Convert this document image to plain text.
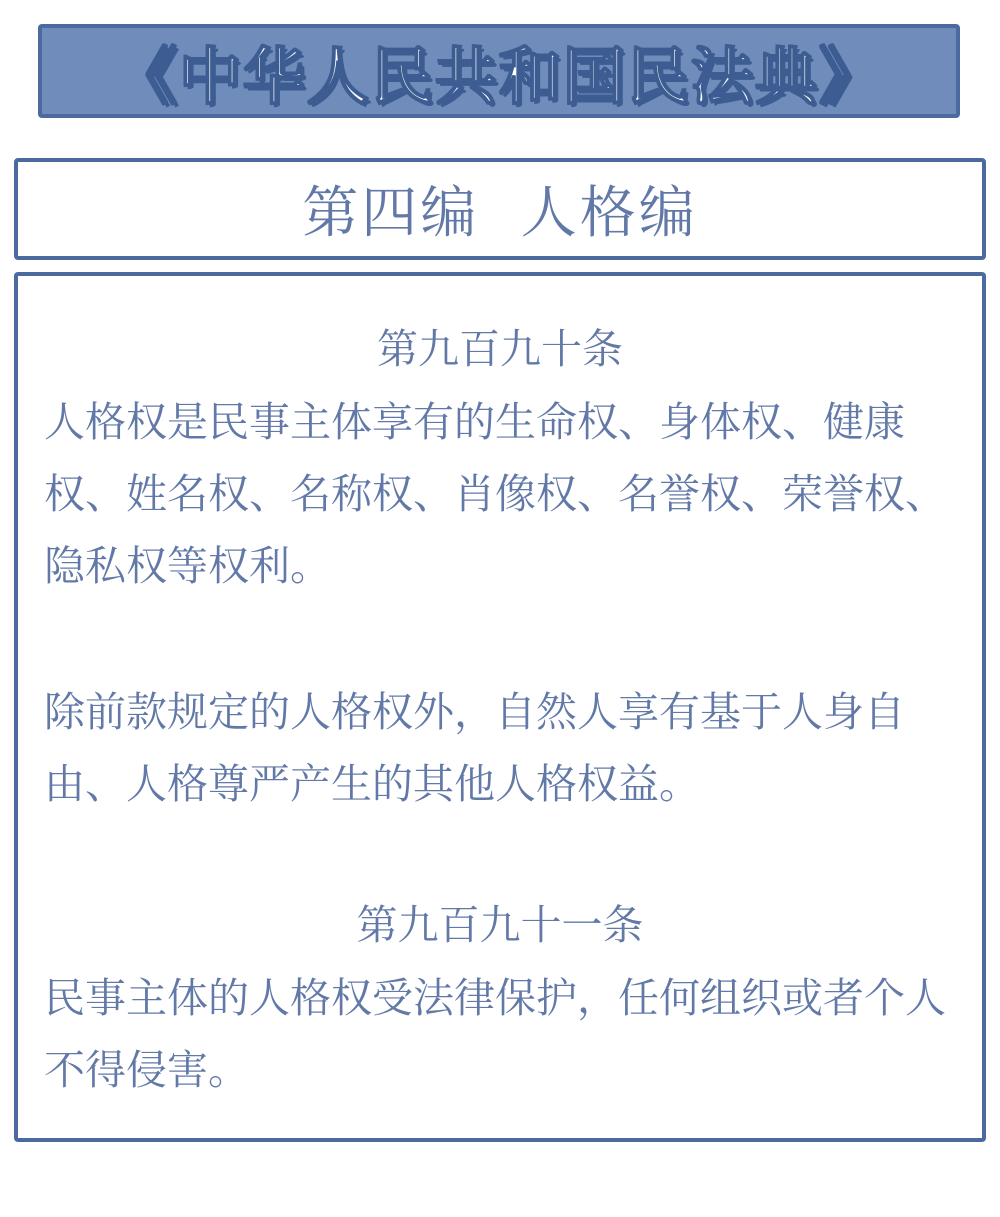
《中华人民共和国民法典》
第四编  人格编
第九百九十条

人格权是民事主体享有的生命权、身体权、健康权、姓名权、名称权、肖像权、名誉权、荣誉权、隐私权等权利。

除前款规定的人格权外，自然人享有基于人身自由、人格尊严产生的其他人格权益。

第九百九十一条

民事主体的人格权受法律保护，任何组织或者个人不得侵害。
